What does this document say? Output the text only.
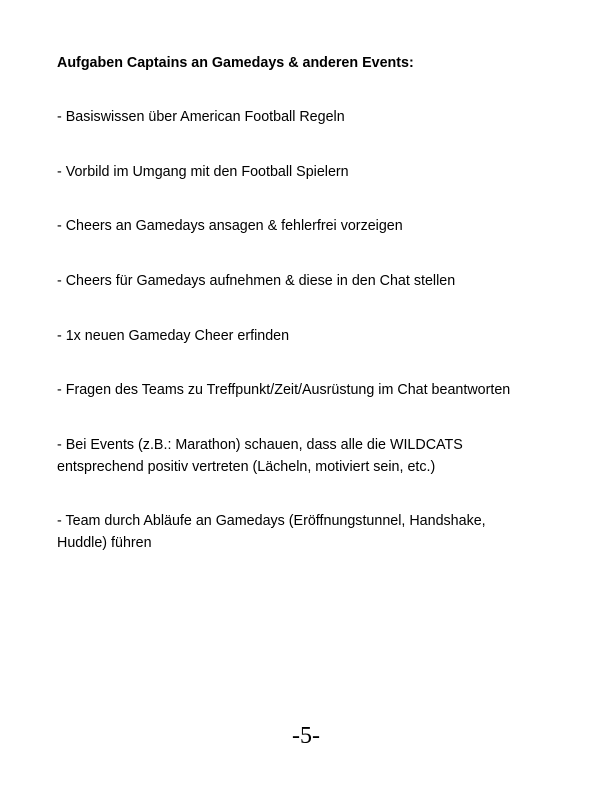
Aufgaben Captains an Gamedays & anderen Events:
- Basiswissen über American Football Regeln
- Vorbild im Umgang mit den Football Spielern
- Cheers an Gamedays ansagen & fehlerfrei vorzeigen
- Cheers für Gamedays aufnehmen & diese in den Chat stellen
- 1x neuen Gameday Cheer erfinden
- Fragen des Teams zu Treffpunkt/Zeit/Ausrüstung im Chat beantworten
- Bei Events (z.B.: Marathon) schauen, dass alle die WILDCATS
entsprechend positiv vertreten (Lächeln, motiviert sein, etc.)
- Team durch Abläufe an Gamedays (Eröffnungstunnel, Handshake,
Huddle) führen
-5-
